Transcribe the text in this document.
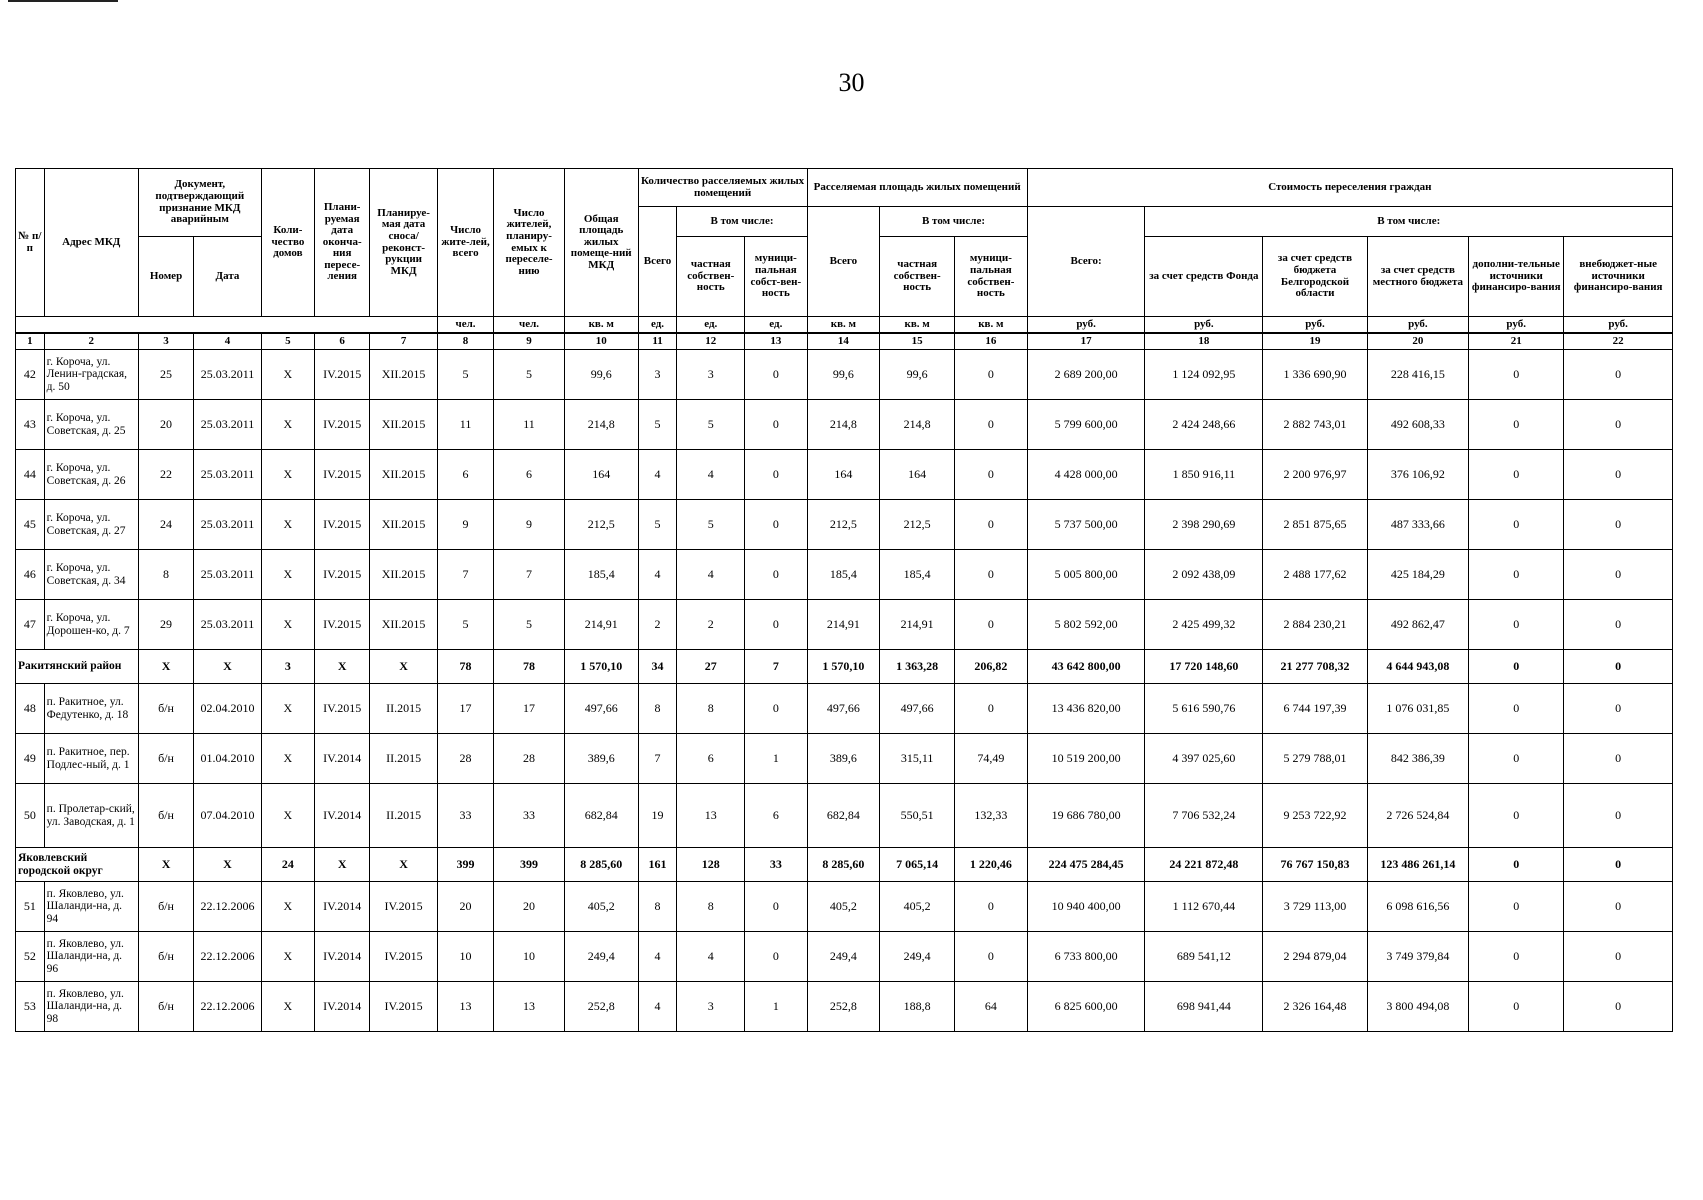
30
№ п/п	Адрес МКД	Документ, подтверждающий признание МКД аварийным		Коли-чество домов	Плани-руемая дата оконча-ния пересе-ления	Планируе-мая дата сноса/ реконст-рукции МКД	Число жите-лей, всего	Число жителей, планиру-емых к переселе-нию	Общая площадь жилых помеще-ний МКД	Количество расселяемых жилых помещений			Расселяемая площадь жилых помещений			Стоимость переселения граждан					
										Всего	В том числе:		Всего	В том числе:		Всего:	В том числе:				
		Номер	Дата								частная собствен-ность	муници-пальная собст-вен-ность		частная собствен-ность	муници-пальная собствен-ность		за счет средств Фонда	за счет средств бюджета Белгородской области	за счет средств местного бюджета	дополни-тельные источники финансиро-вания	внебюджет-ные источники финансиро-вания
							чел.	чел.	кв. м	ед.	ед.	ед.	кв. м	кв. м	кв. м	руб.	руб.	руб.	руб.	руб.	руб.
1	2	3	4	5	6	7	8	9	10	11	12	13	14	15	16	17	18	19	20	21	22
42	г. Короча, ул. Ленин-градская, д. 50	25	25.03.2011	X	IV.2015	XII.2015	5	5	99,6	3	3	0	99,6	99,6	0	2 689 200,00	1 124 092,95	1 336 690,90	228 416,15	0	0
43	г. Короча, ул. Советская, д. 25	20	25.03.2011	X	IV.2015	XII.2015	11	11	214,8	5	5	0	214,8	214,8	0	5 799 600,00	2 424 248,66	2 882 743,01	492 608,33	0	0
44	г. Короча, ул. Советская, д. 26	22	25.03.2011	X	IV.2015	XII.2015	6	6	164	4	4	0	164	164	0	4 428 000,00	1 850 916,11	2 200 976,97	376 106,92	0	0
45	г. Короча, ул. Советская, д. 27	24	25.03.2011	X	IV.2015	XII.2015	9	9	212,5	5	5	0	212,5	212,5	0	5 737 500,00	2 398 290,69	2 851 875,65	487 333,66	0	0
46	г. Короча, ул. Советская, д. 34	8	25.03.2011	X	IV.2015	XII.2015	7	7	185,4	4	4	0	185,4	185,4	0	5 005 800,00	2 092 438,09	2 488 177,62	425 184,29	0	0
47	г. Короча, ул. Дорошен-ко, д. 7	29	25.03.2011	X	IV.2015	XII.2015	5	5	214,91	2	2	0	214,91	214,91	0	5 802 592,00	2 425 499,32	2 884 230,21	492 862,47	0	0
Ракитянский район		X	X	3	X	X	78	78	1 570,10	34	27	7	1 570,10	1 363,28	206,82	43 642 800,00	17 720 148,60	21 277 708,32	4 644 943,08	0	0
48	п. Ракитное, ул. Федутенко, д. 18	б/н	02.04.2010	X	IV.2015	II.2015	17	17	497,66	8	8	0	497,66	497,66	0	13 436 820,00	5 616 590,76	6 744 197,39	1 076 031,85	0	0
49	п. Ракитное, пер. Подлес-ный, д. 1	б/н	01.04.2010	X	IV.2014	II.2015	28	28	389,6	7	6	1	389,6	315,11	74,49	10 519 200,00	4 397 025,60	5 279 788,01	842 386,39	0	0
50	п. Пролетар-ский, ул. Заводская, д. 1	б/н	07.04.2010	X	IV.2014	II.2015	33	33	682,84	19	13	6	682,84	550,51	132,33	19 686 780,00	7 706 532,24	9 253 722,92	2 726 524,84	0	0
Яковлевский городской округ		X	X	24	X	X	399	399	8 285,60	161	128	33	8 285,60	7 065,14	1 220,46	224 475 284,45	24 221 872,48	76 767 150,83	123 486 261,14	0	0
51	п. Яковлево, ул. Шаланди-на, д. 94	б/н	22.12.2006	X	IV.2014	IV.2015	20	20	405,2	8	8	0	405,2	405,2	0	10 940 400,00	1 112 670,44	3 729 113,00	6 098 616,56	0	0
52	п. Яковлево, ул. Шаланди-на, д. 96	б/н	22.12.2006	X	IV.2014	IV.2015	10	10	249,4	4	4	0	249,4	249,4	0	6 733 800,00	689 541,12	2 294 879,04	3 749 379,84	0	0
53	п. Яковлево, ул. Шаланди-на, д. 98	б/н	22.12.2006	X	IV.2014	IV.2015	13	13	252,8	4	3	1	252,8	188,8	64	6 825 600,00	698 941,44	2 326 164,48	3 800 494,08	0	0
